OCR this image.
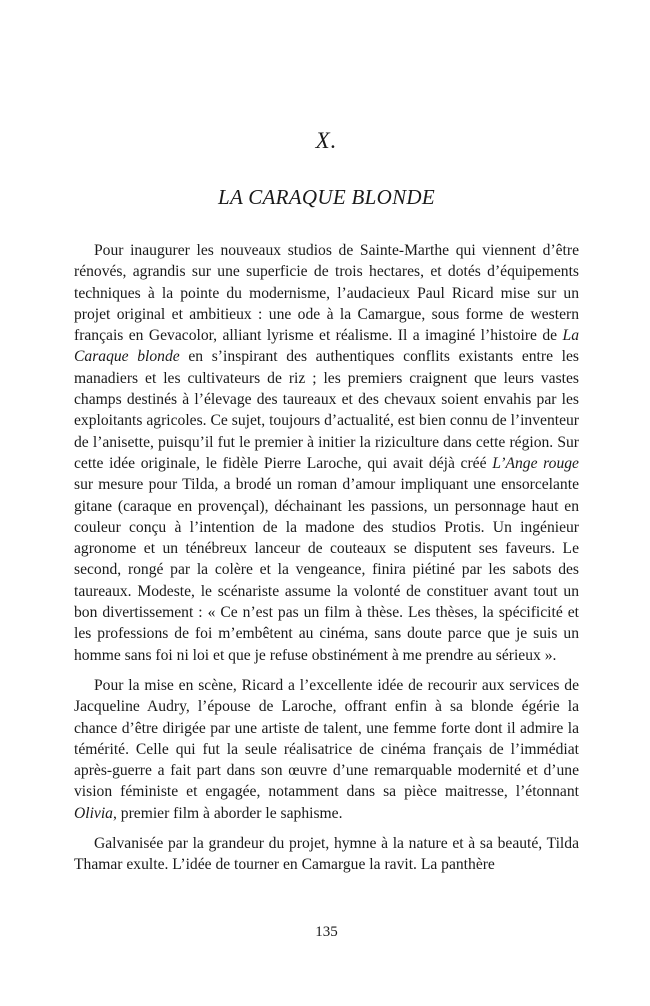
X.
LA CARAQUE BLONDE

Pour inaugurer les nouveaux studios de Sainte-Marthe qui viennent d’être rénovés, agrandis sur une superficie de trois hectares, et dotés d’équipements techniques à la pointe du modernisme, l’audacieux Paul Ricard mise sur un projet original et ambitieux : une ode à la Camargue, sous forme de western français en Gevacolor, alliant lyrisme et réalisme. Il a imaginé l’histoire de La Caraque blonde en s’inspirant des authentiques conflits existants entre les manadiers et les cultivateurs de riz ; les premiers craignent que leurs vastes champs destinés à l’élevage des taureaux et des chevaux soient envahis par les exploitants agricoles. Ce sujet, toujours d’actualité, est bien connu de l’inventeur de l’anisette, puisqu’il fut le premier à initier la riziculture dans cette région. Sur cette idée originale, le fidèle Pierre Laroche, qui avait déjà créé L’Ange rouge sur mesure pour Tilda, a brodé un roman d’amour impliquant une ensorcelante gitane (caraque en provençal), déchainant les passions, un personnage haut en couleur conçu à l’intention de la madone des studios Protis. Un ingénieur agronome et un ténébreux lanceur de couteaux se disputent ses faveurs. Le second, rongé par la colère et la vengeance, finira piétiné par les sabots des taureaux. Modeste, le scénariste assume la volonté de constituer avant tout un bon divertissement : « Ce n’est pas un film à thèse. Les thèses, la spécificité et les professions de foi m’embêtent au cinéma, sans doute parce que je suis un homme sans foi ni loi et que je refuse obstinément à me prendre au sérieux ».

Pour la mise en scène, Ricard a l’excellente idée de recourir aux services de Jacqueline Audry, l’épouse de Laroche, offrant enfin à sa blonde égérie la chance d’être dirigée par une artiste de talent, une femme forte dont il admire la témérité. Celle qui fut la seule réalisatrice de cinéma français de l’immédiat après-guerre a fait part dans son œuvre d’une remarquable modernité et d’une vision féministe et engagée, notamment dans sa pièce maitresse, l’étonnant Olivia, premier film à aborder le saphisme.

Galvanisée par la grandeur du projet, hymne à la nature et à sa beauté, Tilda Thamar exulte. L’idée de tourner en Camargue la ravit. La panthère

135
